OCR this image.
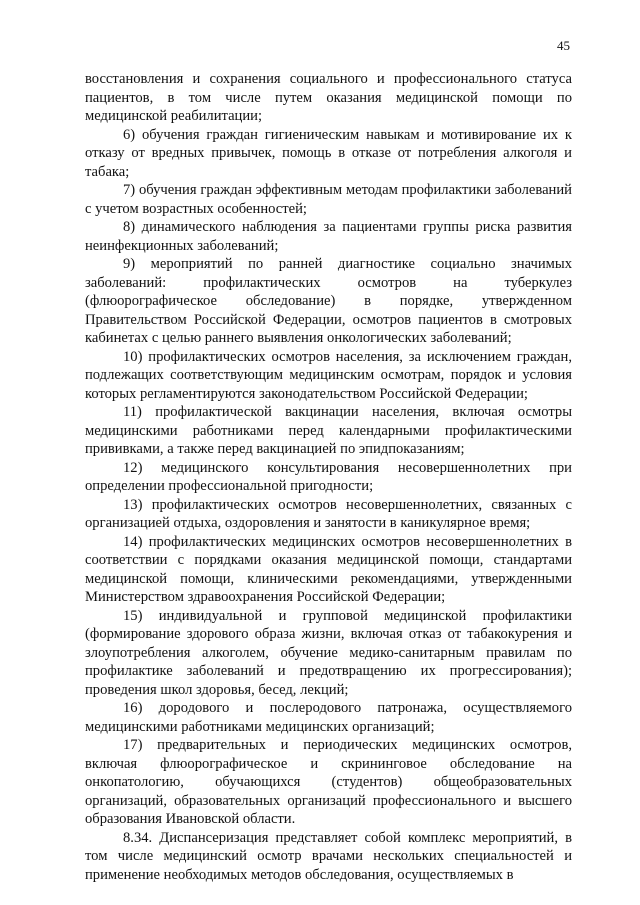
45

восстановления и сохранения социального и профессионального статуса пациентов, в том числе путем оказания медицинской помощи по медицинской реабилитации;

6) обучения граждан гигиеническим навыкам и мотивирование их к отказу от вредных привычек, помощь в отказе от потребления алкоголя и табака;

7) обучения граждан эффективным методам профилактики заболеваний с учетом возрастных особенностей;

8) динамического наблюдения за пациентами группы риска развития неинфекционных заболеваний;

9) мероприятий по ранней диагностике социально значимых заболеваний: профилактических осмотров на туберкулез (флюорографическое обследование) в порядке, утвержденном Правительством Российской Федерации, осмотров пациентов в смотровых кабинетах с целью раннего выявления онкологических заболеваний;

10) профилактических осмотров населения, за исключением граждан, подлежащих соответствующим медицинским осмотрам, порядок и условия которых регламентируются законодательством Российской Федерации;

11) профилактической вакцинации населения, включая осмотры медицинскими работниками перед календарными профилактическими прививками, а также перед вакцинацией по эпидпоказаниям;

12) медицинского консультирования несовершеннолетних при определении профессиональной пригодности;

13) профилактических осмотров несовершеннолетних, связанных с организацией отдыха, оздоровления и занятости в каникулярное время;

14) профилактических медицинских осмотров несовершеннолетних в соответствии с порядками оказания медицинской помощи, стандартами медицинской помощи, клиническими рекомендациями, утвержденными Министерством здравоохранения Российской Федерации;

15) индивидуальной и групповой медицинской профилактики (формирование здорового образа жизни, включая отказ от табакокурения и злоупотребления алкоголем, обучение медико-санитарным правилам по профилактике заболеваний и предотвращению их прогрессирования); проведения школ здоровья, бесед, лекций;

16) дородового и послеродового патронажа, осуществляемого медицинскими работниками медицинских организаций;

17) предварительных и периодических медицинских осмотров, включая флюорографическое и скрининговое обследование на онкопатологию, обучающихся (студентов) общеобразовательных организаций, образовательных организаций профессионального и высшего образования Ивановской области.

8.34. Диспансеризация представляет собой комплекс мероприятий, в том числе медицинский осмотр врачами нескольких специальностей и применение необходимых методов обследования, осуществляемых в
